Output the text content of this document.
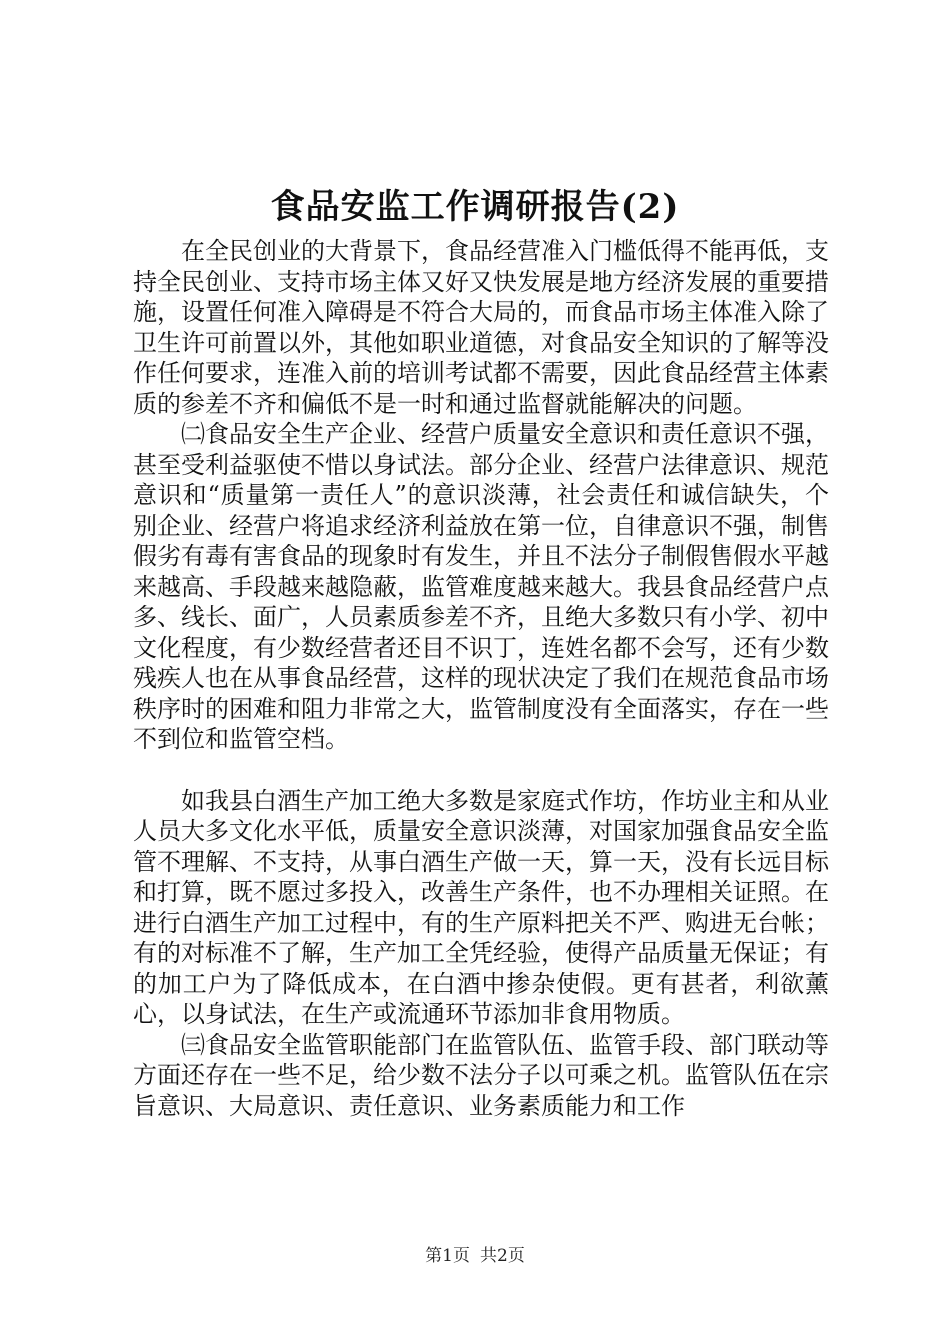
食品安监工作调研报告(2)

在全民创业的大背景下，食品经营准入门槛低得不能再低，支持全民创业、支持市场主体又好又快发展是地方经济发展的重要措施，设置任何准入障碍是不符合大局的，而食品市场主体准入除了卫生许可前置以外，其他如职业道德，对食品安全知识的了解等没作任何要求，连准入前的培训考试都不需要，因此食品经营主体素质的参差不齐和偏低不是一时和通过监督就能解决的问题。

㈡食品安全生产企业、经营户质量安全意识和责任意识不强，甚至受利益驱使不惜以身试法。部分企业、经营户法律意识、规范意识和“质量第一责任人”的意识淡薄，社会责任和诚信缺失，个别企业、经营户将追求经济利益放在第一位，自律意识不强，制售假劣有毒有害食品的现象时有发生，并且不法分子制假售假水平越来越高、手段越来越隐蔽，监管难度越来越大。我县食品经营户点多、线长、面广，人员素质参差不齐，且绝大多数只有小学、初中文化程度，有少数经营者还目不识丁，连姓名都不会写，还有少数残疾人也在从事食品经营，这样的现状决定了我们在规范食品市场秩序时的困难和阻力非常之大，监管制度没有全面落实，存在一些不到位和监管空档。

如我县白酒生产加工绝大多数是家庭式作坊，作坊业主和从业人员大多文化水平低，质量安全意识淡薄，对国家加强食品安全监管不理解、不支持，从事白酒生产做一天，算一天，没有长远目标和打算，既不愿过多投入，改善生产条件，也不办理相关证照。在进行白酒生产加工过程中，有的生产原料把关不严、购进无台帐；有的对标准不了解，生产加工全凭经验，使得产品质量无保证；有的加工户为了降低成本，在白酒中掺杂使假。更有甚者，利欲薰心，以身试法，在生产或流通环节添加非食用物质。

㈢食品安全监管职能部门在监管队伍、监管手段、部门联动等方面还存在一些不足，给少数不法分子以可乘之机。监管队伍在宗旨意识、大局意识、责任意识、业务素质能力和工作

第1页 共2页
